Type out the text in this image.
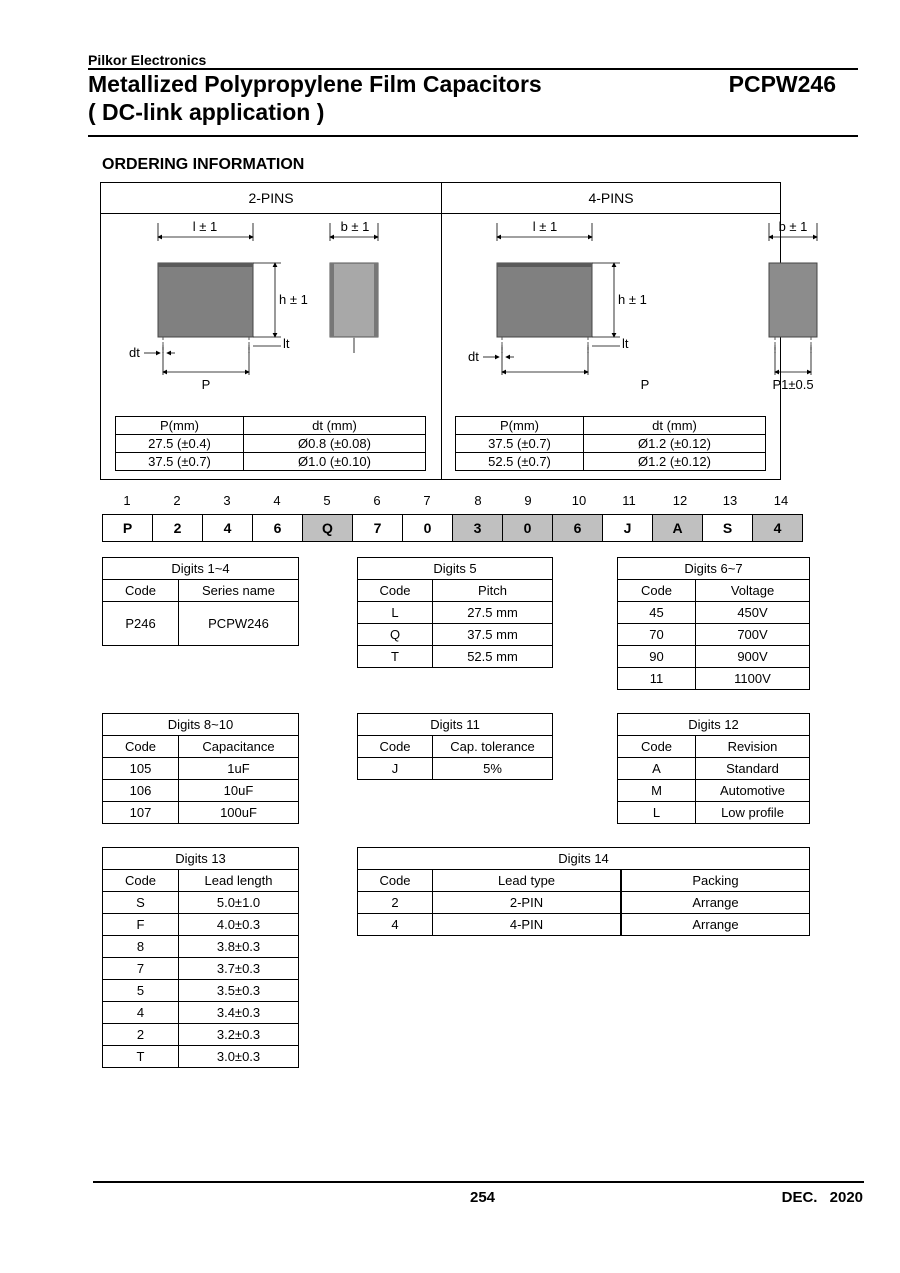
Pilkor Electronics
Metallized Polypropylene Film Capacitors
( DC-link application )
PCPW246
ORDERING INFORMATION
2-PINS	4-PINS
l ± 1
h ± 1
lt
dt
P
b ± 1	l ± 1
h ± 1
lt
dt
P
b ± 1
P1±0.5
P(mm)	dt (mm)
27.5 (±0.4)	Ø0.8 (±0.08)
37.5 (±0.7)	Ø1.0 (±0.10)
P(mm)	dt (mm)
37.5 (±0.7)	Ø1.2 (±0.12)
52.5 (±0.7)	Ø1.2 (±0.12)
1	2	3	4	5	6	7	8	9	10	11	12	13	14
P	2	4	6	Q	7	0	3	0	6	J	A	S	4
Digits 1~4	
Code	Series name
P246	PCPW246
Digits 5	
Code	Pitch
L	27.5 mm
Q	37.5 mm
T	52.5 mm
Digits 6~7	
Code	Voltage
45	450V
70	700V
90	900V
11	1100V
Digits 8~10	
Code	Capacitance
105	1uF
106	10uF
107	100uF
Digits 11	
Code	Cap. tolerance
J	5%
Digits 12	
Code	Revision
A	Standard
M	Automotive
L	Low profile
Digits 13	
Code	Lead length
S	5.0±1.0
F	4.0±0.3
8	3.8±0.3
7	3.7±0.3
5	3.5±0.3
4	3.4±0.3
2	3.2±0.3
T	3.0±0.3
Digits 14		
Code	Lead type	Packing
2	2-PIN	Arrange
4	4-PIN	Arrange
254	DEC. 2020
